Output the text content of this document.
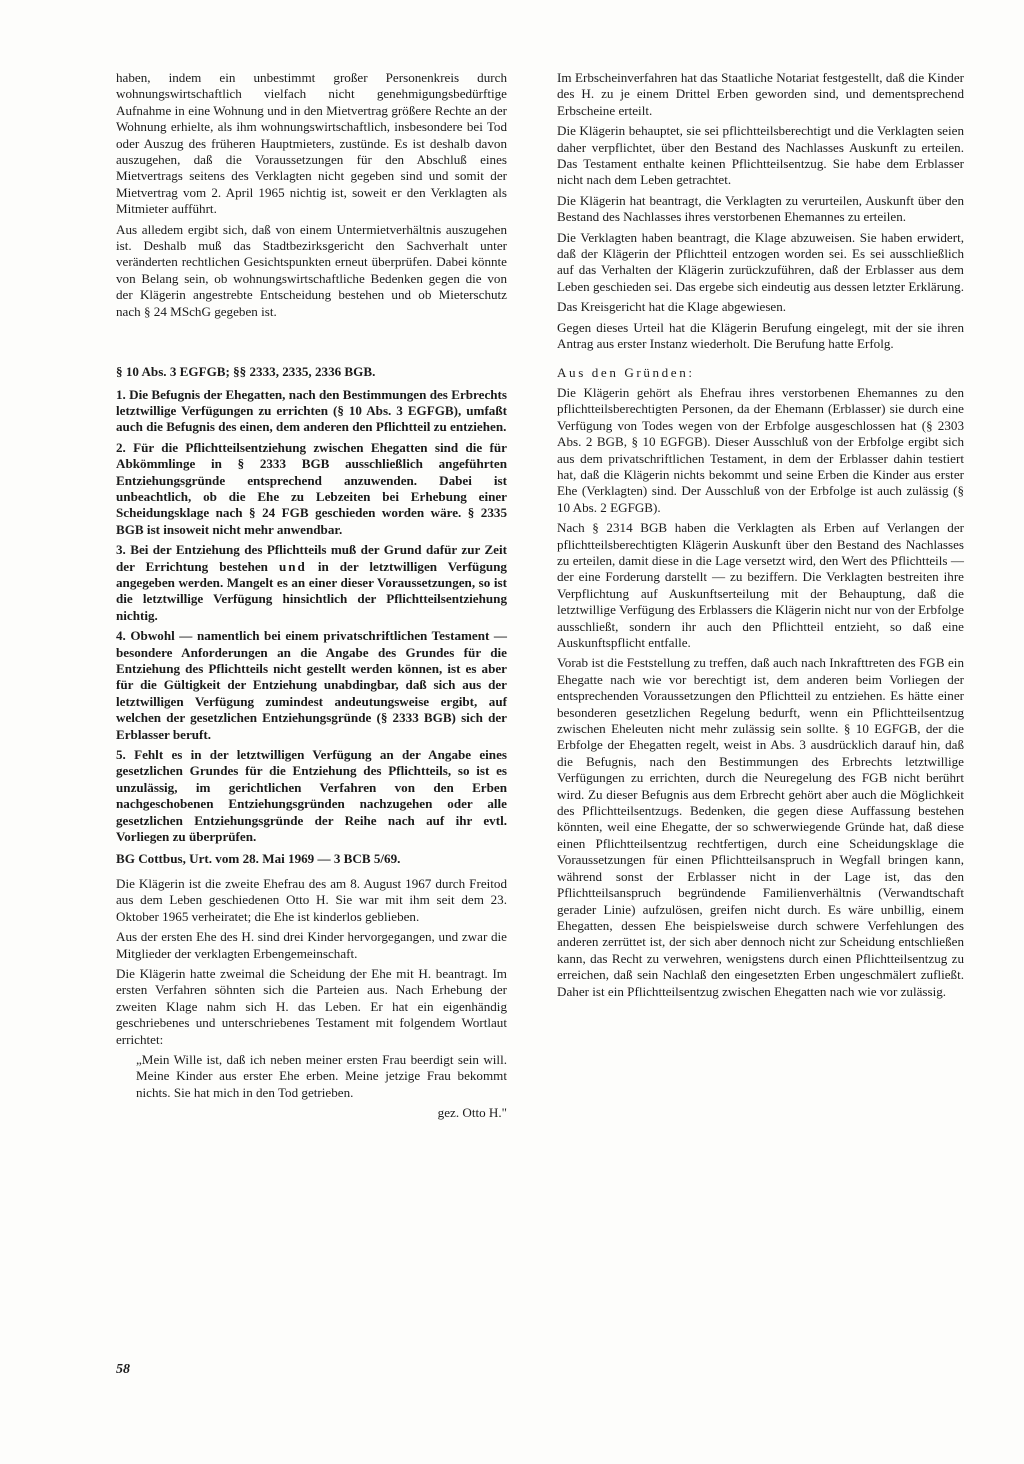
haben, indem ein unbestimmt großer Personenkreis durch wohnungswirtschaftlich vielfach nicht genehmigungsbedürftige Aufnahme in eine Wohnung und in den Mietvertrag größere Rechte an der Wohnung erhielte, als ihm wohnungswirtschaftlich, insbesondere bei Tod oder Auszug des früheren Hauptmieters, zustünde. Es ist deshalb davon auszugehen, daß die Voraussetzungen für den Abschluß eines Mietvertrags seitens des Verklagten nicht gegeben sind und somit der Mietvertrag vom 2. April 1965 nichtig ist, soweit er den Verklagten als Mitmieter aufführt.

Aus alledem ergibt sich, daß von einem Untermietverhältnis auszugehen ist. Deshalb muß das Stadtbezirksgericht den Sachverhalt unter veränderten rechtlichen Gesichtspunkten erneut überprüfen. Dabei könnte von Belang sein, ob wohnungswirtschaftliche Bedenken gegen die von der Klägerin angestrebte Entscheidung bestehen und ob Mieterschutz nach § 24 MSchG gegeben ist.

§ 10 Abs. 3 EGFGB; §§ 2333, 2335, 2336 BGB.

1. Die Befugnis der Ehegatten, nach den Bestimmungen des Erbrechts letztwillige Verfügungen zu errichten (§ 10 Abs. 3 EGFGB), umfaßt auch die Befugnis des einen, dem anderen den Pflichtteil zu entziehen.

2. Für die Pflichtteilsentziehung zwischen Ehegatten sind die für Abkömmlinge in § 2333 BGB ausschließlich angeführten Entziehungsgründe entsprechend anzuwenden. Dabei ist unbeachtlich, ob die Ehe zu Lebzeiten bei Erhebung einer Scheidungsklage nach § 24 FGB geschieden worden wäre. § 2335 BGB ist insoweit nicht mehr anwendbar.

3. Bei der Entziehung des Pflichtteils muß der Grund dafür zur Zeit der Errichtung bestehen und in der letztwilligen Verfügung angegeben werden. Mangelt es an einer dieser Voraussetzungen, so ist die letztwillige Verfügung hinsichtlich der Pflichtteilsentziehung nichtig.

4. Obwohl — namentlich bei einem privatschriftlichen Testament — besondere Anforderungen an die Angabe des Grundes für die Entziehung des Pflichtteils nicht gestellt werden können, ist es aber für die Gültigkeit der Entziehung unabdingbar, daß sich aus der letztwilligen Verfügung zumindest andeutungsweise ergibt, auf welchen der gesetzlichen Entziehungsgründe (§ 2333 BGB) sich der Erblasser beruft.

5. Fehlt es in der letztwilligen Verfügung an der Angabe eines gesetzlichen Grundes für die Entziehung des Pflichtteils, so ist es unzulässig, im gerichtlichen Verfahren von den Erben nachgeschobenen Entziehungsgründen nachzugehen oder alle gesetzlichen Entziehungsgründe der Reihe nach auf ihr evtl. Vorliegen zu überprüfen.

BG Cottbus, Urt. vom 28. Mai 1969 — 3 BCB 5/69.

Die Klägerin ist die zweite Ehefrau des am 8. August 1967 durch Freitod aus dem Leben geschiedenen Otto H. Sie war mit ihm seit dem 23. Oktober 1965 verheiratet; die Ehe ist kinderlos geblieben.

Aus der ersten Ehe des H. sind drei Kinder hervorgegangen, und zwar die Mitglieder der verklagten Erbengemeinschaft.

Die Klägerin hatte zweimal die Scheidung der Ehe mit H. beantragt. Im ersten Verfahren söhnten sich die Parteien aus. Nach Erhebung der zweiten Klage nahm sich H. das Leben. Er hat ein eigenhändig geschriebenes und unterschriebenes Testament mit folgendem Wortlaut errichtet:

„Mein Wille ist, daß ich neben meiner ersten Frau beerdigt sein will. Meine Kinder aus erster Ehe erben. Meine jetzige Frau bekommt nichts. Sie hat mich in den Tod getrieben.

gez. Otto H."

Im Erbscheinverfahren hat das Staatliche Notariat festgestellt, daß die Kinder des H. zu je einem Drittel Erben geworden sind, und dementsprechend Erbscheine erteilt.

Die Klägerin behauptet, sie sei pflichtteilsberechtigt und die Verklagten seien daher verpflichtet, über den Bestand des Nachlasses Auskunft zu erteilen. Das Testament enthalte keinen Pflichtteilsentzug. Sie habe dem Erblasser nicht nach dem Leben getrachtet.

Die Klägerin hat beantragt, die Verklagten zu verurteilen, Auskunft über den Bestand des Nachlasses ihres verstorbenen Ehemannes zu erteilen.

Die Verklagten haben beantragt, die Klage abzuweisen. Sie haben erwidert, daß der Klägerin der Pflichtteil entzogen worden sei. Es sei ausschließlich auf das Verhalten der Klägerin zurückzuführen, daß der Erblasser aus dem Leben geschieden sei. Das ergebe sich eindeutig aus dessen letzter Erklärung.

Das Kreisgericht hat die Klage abgewiesen.

Gegen dieses Urteil hat die Klägerin Berufung eingelegt, mit der sie ihren Antrag aus erster Instanz wiederholt. Die Berufung hatte Erfolg.

Aus den Gründen:

Die Klägerin gehört als Ehefrau ihres verstorbenen Ehemannes zu den pflichtteilsberechtigten Personen, da der Ehemann (Erblasser) sie durch eine Verfügung von Todes wegen von der Erbfolge ausgeschlossen hat (§ 2303 Abs. 2 BGB, § 10 EGFGB). Dieser Ausschluß von der Erbfolge ergibt sich aus dem privatschriftlichen Testament, in dem der Erblasser dahin testiert hat, daß die Klägerin nichts bekommt und seine Erben die Kinder aus erster Ehe (Verklagten) sind. Der Ausschluß von der Erbfolge ist auch zulässig (§ 10 Abs. 2 EGFGB).

Nach § 2314 BGB haben die Verklagten als Erben auf Verlangen der pflichtteilsberechtigten Klägerin Auskunft über den Bestand des Nachlasses zu erteilen, damit diese in die Lage versetzt wird, den Wert des Pflichtteils — der eine Forderung darstellt — zu beziffern. Die Verklagten bestreiten ihre Verpflichtung auf Auskunftserteilung mit der Behauptung, daß die letztwillige Verfügung des Erblassers die Klägerin nicht nur von der Erbfolge ausschließt, sondern ihr auch den Pflichtteil entzieht, so daß eine Auskunftspflicht entfalle.

Vorab ist die Feststellung zu treffen, daß auch nach Inkrafttreten des FGB ein Ehegatte nach wie vor berechtigt ist, dem anderen beim Vorliegen der entsprechenden Voraussetzungen den Pflichtteil zu entziehen. Es hätte einer besonderen gesetzlichen Regelung bedurft, wenn ein Pflichtteilsentzug zwischen Eheleuten nicht mehr zulässig sein sollte. § 10 EGFGB, der die Erbfolge der Ehegatten regelt, weist in Abs. 3 ausdrücklich darauf hin, daß die Befugnis, nach den Bestimmungen des Erbrechts letztwillige Verfügungen zu errichten, durch die Neuregelung des FGB nicht berührt wird. Zu dieser Befugnis aus dem Erbrecht gehört aber auch die Möglichkeit des Pflichtteilsentzugs. Bedenken, die gegen diese Auffassung bestehen könnten, weil eine Ehegatte, der so schwerwiegende Gründe hat, daß diese einen Pflichtteilsentzug rechtfertigen, durch eine Scheidungsklage die Voraussetzungen für einen Pflichtteilsanspruch in Wegfall bringen kann, während sonst der Erblasser nicht in der Lage ist, das den Pflichtteilsanspruch begründende Familienverhältnis (Verwandtschaft gerader Linie) aufzulösen, greifen nicht durch. Es wäre unbillig, einem Ehegatten, dessen Ehe beispielsweise durch schwere Verfehlungen des anderen zerrüttet ist, der sich aber dennoch nicht zur Scheidung entschließen kann, das Recht zu verwehren, wenigstens durch einen Pflichtteilsentzug zu erreichen, daß sein Nachlaß den eingesetzten Erben ungeschmälert zufließt. Daher ist ein Pflichtteilsentzug zwischen Ehegatten nach wie vor zulässig.

58
